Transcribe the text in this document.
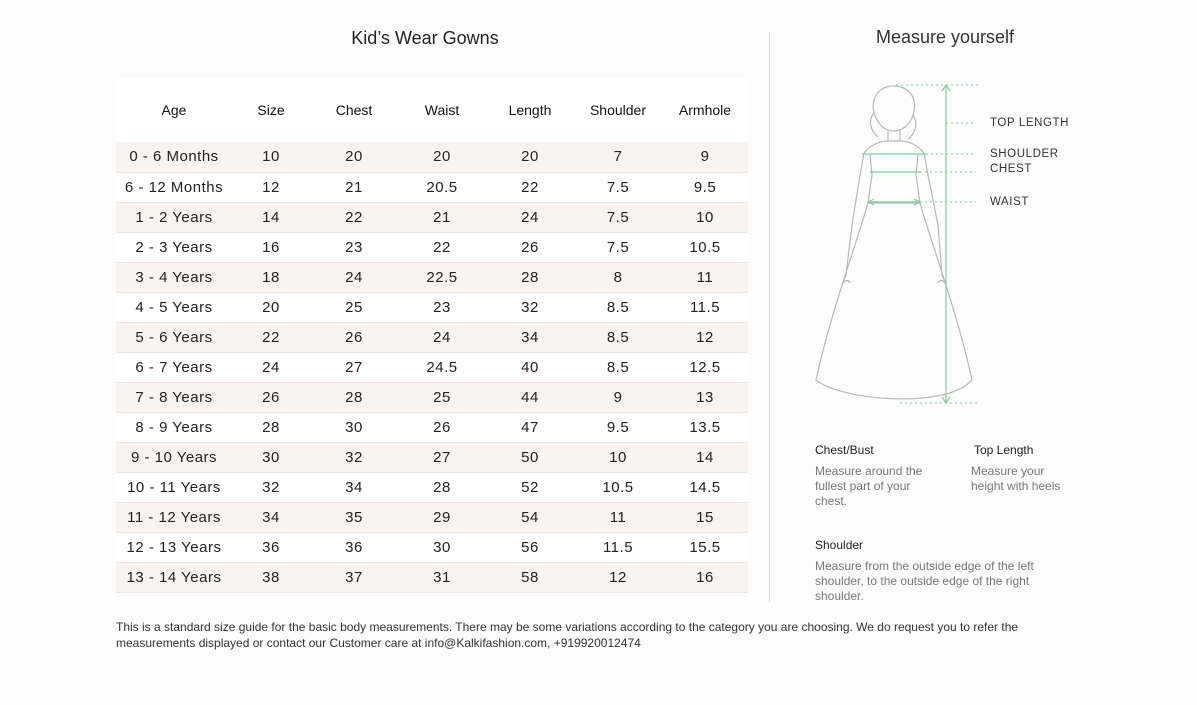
Kid’s Wear Gowns
Age	Size	Chest	Waist	Length	Shoulder	Armhole
0 - 6 Months	10	20	20	20	7	9
6 - 12 Months	12	21	20.5	22	7.5	9.5
1 - 2 Years	14	22	21	24	7.5	10
2 - 3 Years	16	23	22	26	7.5	10.5
3 - 4 Years	18	24	22.5	28	8	11
4 - 5 Years	20	25	23	32	8.5	11.5
5 - 6 Years	22	26	24	34	8.5	12
6 - 7 Years	24	27	24.5	40	8.5	12.5
7 - 8 Years	26	28	25	44	9	13
8 - 9 Years	28	30	26	47	9.5	13.5
9 - 10 Years	30	32	27	50	10	14
10 - 11 Years	32	34	28	52	10.5	14.5
11 - 12 Years	34	35	29	54	11	15
12 - 13 Years	36	36	30	56	11.5	15.5
13 - 14 Years	38	37	31	58	12	16
Measure yourself
TOP LENGTH
SHOULDER
CHEST
WAIST
Chest/Bust
Measure around the fullest part of your chest.
Top Length
Measure your height with heels
Shoulder
Measure from the outside edge of the left shoulder, to the outside edge of the right shoulder.
This is a standard size guide for the basic body measurements. There may be some variations according to the category you are choosing. We do request you to refer the measurements displayed or contact our Customer care at info@Kalkifashion.com, +919920012474
